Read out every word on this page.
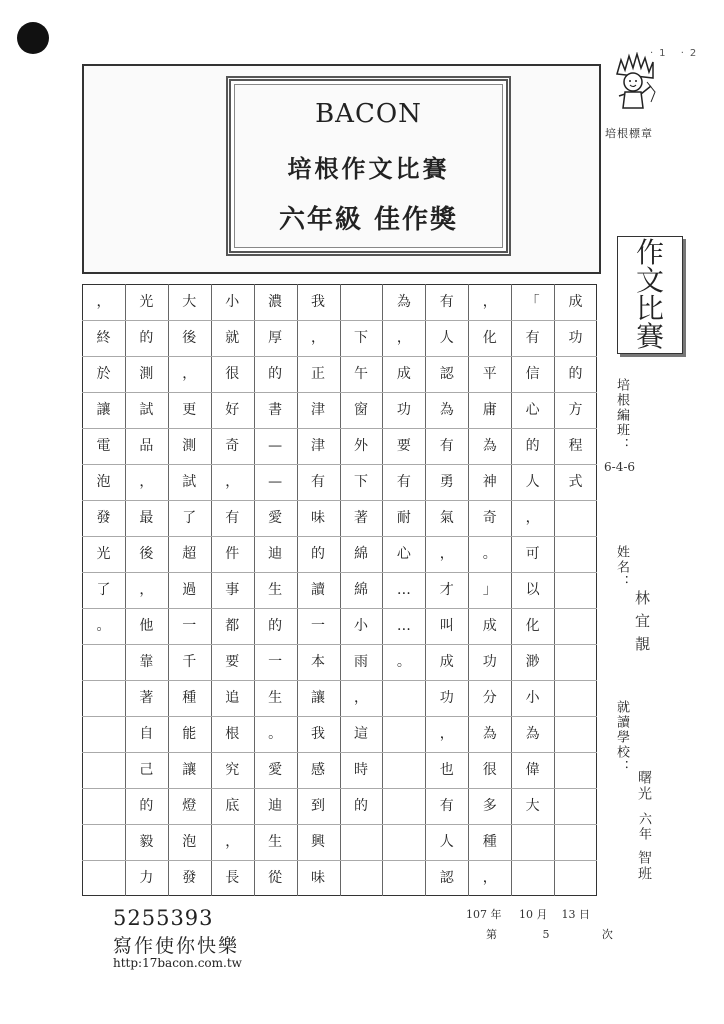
BACON
培根作文比賽
六年級 佳作獎
·1 ·2
培根標章
作
文
比
賽
培根編班：
6-4-6
姓名：
林宜靚
就讀學校：
曙光
六年
智班
成
功
的
方
程
式
「
有
信
心
的
人
，
可
以
化
渺
小
為
偉
大
，
化
平
庸
為
神
奇
。
」
成
功
分
為
很
多
種
，
有
人
認
為
有
勇
氣
，
才
叫
成
功
，
也
有
人
認
為
，
成
功
要
有
耐
心
…
…
。
下
午
窗
外
下
著
綿
綿
小
雨
，
這
時
的
我
，
正
津
津
有
味
的
讀
一
本
讓
我
感
到
興
味
濃
厚
的
書
—
—
愛
迪
生
的
一
生
。
愛
迪
生
從
小
就
很
好
奇
，
有
件
事
都
要
追
根
究
底
，
長
大
後
，
更
測
試
了
超
過
一
千
種
能
讓
燈
泡
發
光
的
測
試
品
，
最
後
，
他
靠
著
自
己
的
毅
力
，
終
於
讓
電
泡
發
光
了
。
5255393
寫作使你快樂
http:17bacon.com.tw
107 年 10 月 13 日
第	5	次
